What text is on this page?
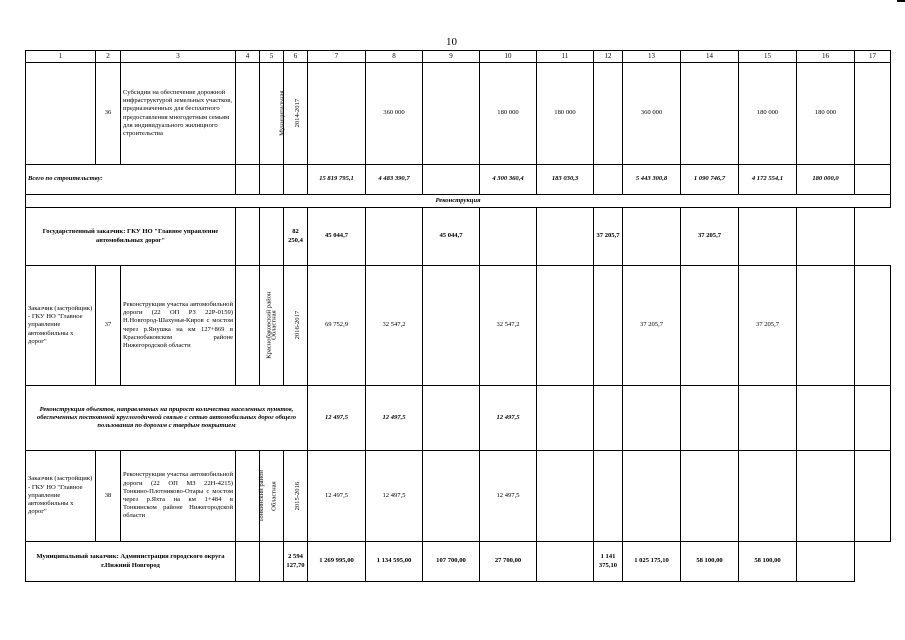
10
1	2	3	4	5	6	7	8	9	10	11	12	13	14	15	16	17
	36	Субсидии на обеспечение дорожной инфраструктурой земельных участков, предназначенных для бесплатного предоставления многодетным семьям для индивидуального жилищного строительства		Муниципальная	2014-2017		360 000		180 000	180 000		360 000		180 000	180 000	
Всего по строительству:						15 819 795,1	4 483 390,7		4 300 360,4	183 030,3		5 443 300,8	1 090 746,7	4 172 554,1	180 000,0	
Реконструкция																
Государственный заказчик: ГКУ НО "Главное управление автомобильных дорог"					82 250,4	45 044,7		45 044,7			37 205,7		37 205,7			
Заказчик (застройщик) - ГКУ НО "Главное управление автомобильны х дорог"	37	Реконструкция участка автомобильной дороги (22 ОП РЗ 22Р-0159) Н.Новгород-Шахунья-Киров с мостом через р.Янушка на км 127+869 в Краснобаковском районе Нижегородской области	Краснобаковский район	Областная	2016-2017	69 752,9	32 547,2		32 547,2			37 205,7		37 205,7		
Реконструкция объектов, направленных на прирост количества населенных пунктов, обеспеченных постоянной круглогодичной связью с сетью автомобильных дорог общего пользования по дорогам с твердым покрытием						12 497,5	12 497,5		12 497,5							
Заказчик (застройщик) - ГКУ НО "Главное управление автомобильны х дорог"	38	Реконструкция участка автомобильной дороги (22 ОП МЗ 22Н-4215) Тонкино-Плотниково-Отары с мостом через р.Яхта на км 1+484 в Тонкинском районе Нижегородской области	Тонкинский район	Областная	2015-2016	12 497,5	12 497,5		12 497,5							
Муниципальный заказчик: Администрация городского округа г.Нижний Новгород					2 594 127,70	1 269 995,00	1 134 595,00	107 700,00	27 700,00		1 141 375,10	1 025 175,10	58 100,00	58 100,00		
